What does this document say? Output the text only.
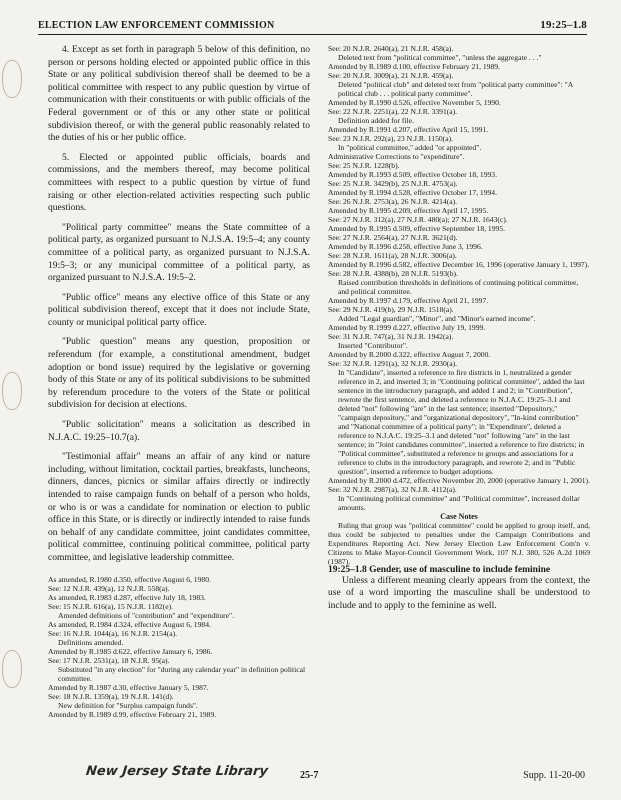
ELECTION LAW ENFORCEMENT COMMISSION	19:25–1.8

4. Except as set forth in paragraph 5 below of this definition, no person or persons holding elected or appointed public office in this State or any political subdivision thereof shall be deemed to be a political committee with respect to any public question by virtue of communication with their constituents or with public officials of the Federal government or of this or any other state or political subdivision thereof, or with the general public reasonably related to the duties of his or her public office.

5. Elected or appointed public officials, boards and commissions, and the members thereof, may become political committees with respect to a public question by virtue of fund raising or other election-related activities respecting such public questions.

"Political party committee" means the State committee of a political party, as organized pursuant to N.J.S.A. 19:5–4; any county committee of a political party, as organized pursuant to N.J.S.A. 19:5–3; or any municipal committee of a political party, as organized pursuant to N.J.S.A. 19:5–2.

"Public office" means any elective office of this State or any political subdivision thereof, except that it does not include State, county or municipal political party office.

"Public question" means any question, proposition or referendum (for example, a constitutional amendment, budget adoption or bond issue) required by the legislative or governing body of this State or any of its political subdivisions to be submitted by referendum procedure to the voters of the State or political subdivision for decision at elections.

"Public solicitation" means a solicitation as described in N.J.A.C. 19:25–10.7(a).

"Testimonial affair" means an affair of any kind or nature including, without limitation, cocktail parties, breakfasts, luncheons, dinners, dances, picnics or similar affairs directly or indirectly intended to raise campaign funds on behalf of a person who holds, or who is or was a candidate for nomination or election to public office in this State, or is directly or indirectly intended to raise funds on behalf of any candidate committee, joint candidates committee, political committee, continuing political committee, political party committee, and legislative leadership committee.

As amended, R.1980 d.350, effective August 6, 1980.
See: 12 N.J.R. 439(a), 12 N.J.R. 558(a).
As amended, R.1983 d.287, effective July 18, 1983.
See: 15 N.J.R. 616(a), 15 N.J.R. 1182(e).
Amended definitions of "contribution" and "expenditure".
As amended, R.1984 d.324, effective August 6, 1984.
See: 16 N.J.R. 1044(a), 16 N.J.R. 2154(a).
Definitions amended.
Amended by R.1985 d.622, effective January 6, 1986.
See: 17 N.J.R. 2531(a), 18 N.J.R. 95(a).
Substituted "in any election" for "during any calendar year" in definition political committee.
Amended by R.1987 d.30, effective January 5, 1987.
See: 18 N.J.R. 1359(a), 19 N.J.R. 141(d).
New definition for "Surplus campaign funds".
Amended by R.1989 d.99, effective February 21, 1989.
See: 20 N.J.R. 2640(a), 21 N.J.R. 458(a).
Deleted text from "political committee", "unless the aggregate . . ."
Amended by R.1989 d.100, effective February 21, 1989.
See: 20 N.J.R. 3009(a), 21 N.J.R. 459(a).
Deleted "political club" and deleted text from "political party committee": "A political club . . . political party committee".
Amended by R.1990 d.526, effective November 5, 1990.
See: 22 N.J.R. 2251(a), 22 N.J.R. 3391(a).
Definition added for file.
Amended by R.1991 d.207, effective April 15, 1991.
See: 23 N.J.R. 292(a), 23 N.J.R. 1150(a).
In "political committee," added "or appointed".
Administrative Corrections to "expenditure".
See: 25 N.J.R. 1228(b).
Amended by R.1993 d.509, effective October 18, 1993.
See: 25 N.J.R. 3429(b), 25 N.J.R. 4753(a).
Amended by R.1994 d.528, effective October 17, 1994.
See: 26 N.J.R. 2753(a), 26 N.J.R. 4214(a).
Amended by R.1995 d.209, effective April 17, 1995.
See: 27 N.J.R. 312(a), 27 N.J.R. 480(a); 27 N.J.R. 1643(c).
Amended by R.1995 d.509, effective September 18, 1995.
See: 27 N.J.R. 2564(a), 27 N.J.R. 3621(d).
Amended by R.1996 d.258, effective June 3, 1996.
See: 28 N.J.R. 1611(a), 28 N.J.R. 3006(a).
Amended by R.1996 d.582, effective December 16, 1996 (operative January 1, 1997).
See: 28 N.J.R. 4388(b), 28 N.J.R. 5193(b).
Raised contribution thresholds in definitions of continuing political committee, and political committee.
Amended by R.1997 d.179, effective April 21, 1997.
See: 29 N.J.R. 419(b), 29 N.J.R. 1518(a).
Added "Legal guardian", "Minor", and "Minor's earned income".
Amended by R.1999 d.227, effective July 19, 1999.
See: 31 N.J.R. 747(a), 31 N.J.R. 1942(a).
Inserted "Contributor".
Amended by R.2000 d.322, effective August 7, 2000.
See: 32 N.J.R. 1291(a), 32 N.J.R. 2930(a).
In "Candidate", inserted a reference to fire districts in 1, neutralized a gender reference in 2, and inserted 3; in "Continuing political committee", added the last sentence in the introductory paragraph, and added 1 and 2; in "Contribution", rewrote the first sentence, and deleted a reference to N.J.A.C. 19:25–3.1 and deleted "not" following "are" in the last sentence; inserted "Depository," "campaign depository," and "organizational depository", "In-kind contribution" and "National committee of a political party"; in "Expenditure", deleted a reference to N.J.A.C. 19:25–3.1 and deleted "not" following "are" in the last sentence; in "Joint candidates committee", inserted a reference to fire districts; in "Political committee", substituted a reference to groups and associations for a reference to clubs in the introductory paragraph, and rewrote 2; and in "Public question", inserted a reference to budget adoptions.
Amended by R.2000 d.472, effective November 20, 2000 (operative January 1, 2001).
See: 32 N.J.R. 2987(a), 32 N.J.R. 4112(a).
In "Continuing political committee" and "Political committee", increased dollar amounts.
Case Notes
Ruling that group was "political committee" could be applied to group itself, and, thus could be subjected to penalties under the Campaign Contributions and Expenditures Reporting Act. New Jersey Election Law Enforcement Com'n v. Citizens to Make Mayor-Council Government Work, 107 N.J. 380, 526 A.2d 1069 (1987).
19:25–1.8 Gender, use of masculine to include feminine
Unless a different meaning clearly appears from the context, the use of a word importing the masculine shall be understood to include and to apply to the feminine as well.
New Jersey State Library	25-7	Supp. 11-20-00
